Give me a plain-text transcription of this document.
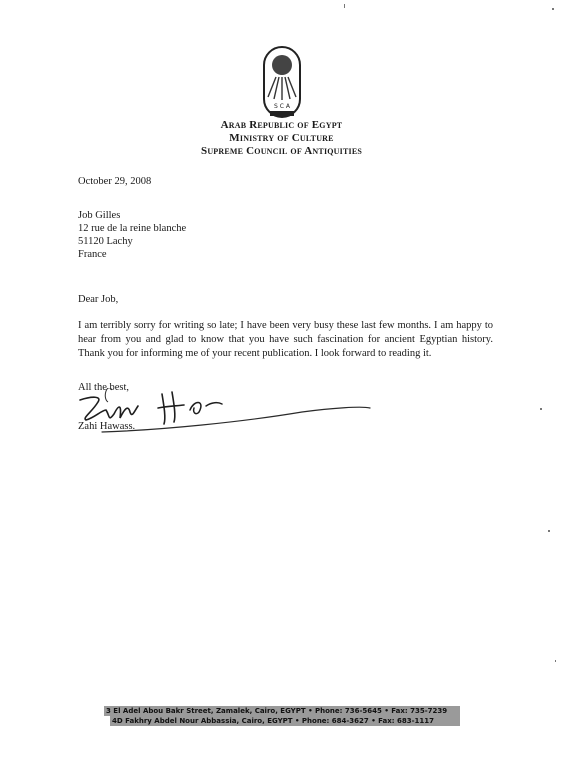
S C A
Arab Republic of Egypt
Ministry of Culture
Supreme Council of Antiquities
October 29, 2008
Job Gilles
12 rue de la reine blanche
51120 Lachy
France
Dear Job,
I am terribly sorry for writing so late; I have been very busy these last few months. I am happy to hear from you and glad to know that you have such fascination for ancient Egyptian history. Thank you for informing me of your recent publication. I look forward to reading it.
All the best,
Zahi Hawass.
3 El Adel Abou Bakr Street, Zamalek, Cairo, EGYPT • Phone: 736-5645 • Fax: 735-7239
4D Fakhry Abdel Nour Abbassia, Cairo, EGYPT • Phone: 684-3627 • Fax: 683-1117
